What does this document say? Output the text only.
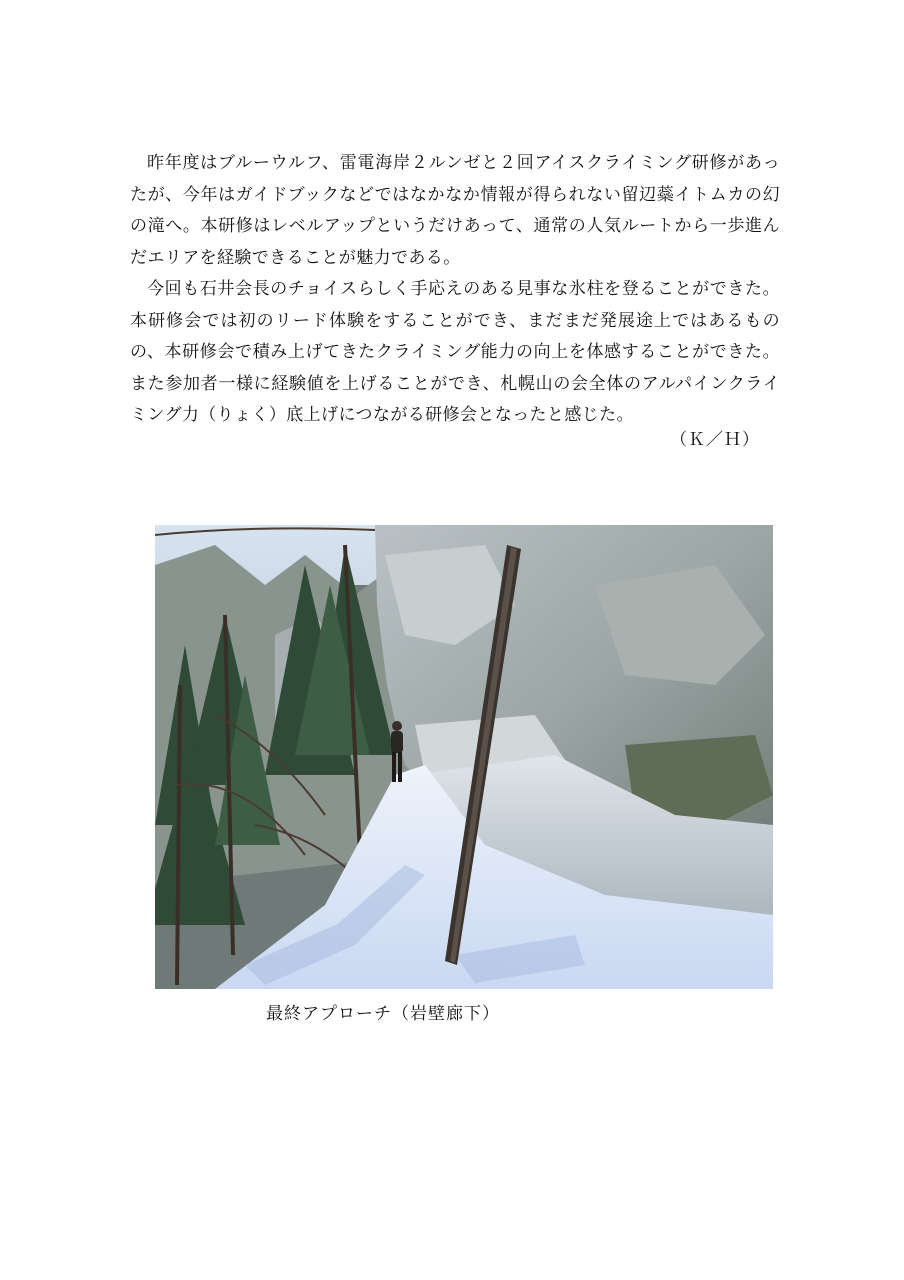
昨年度はブルーウルフ、雷電海岸２ルンゼと２回アイスクライミング研修があったが、今年はガイドブックなどではなかなか情報が得られない留辺蘂イトムカの幻の滝へ。本研修はレベルアップというだけあって、通常の人気ルートから一歩進んだエリアを経験できることが魅力である。

今回も石井会長のチョイスらしく手応えのある見事な氷柱を登ることができた。本研修会では初のリード体験をすることができ、まだまだ発展途上ではあるものの、本研修会で積み上げてきたクライミング能力の向上を体感することができた。また参加者一様に経験値を上げることができ、札幌山の会全体のアルパインクライミング力（りょく）底上げにつながる研修会となったと感じた。

（Ｋ／Ｈ）
最終アプローチ（岩壁廊下）
